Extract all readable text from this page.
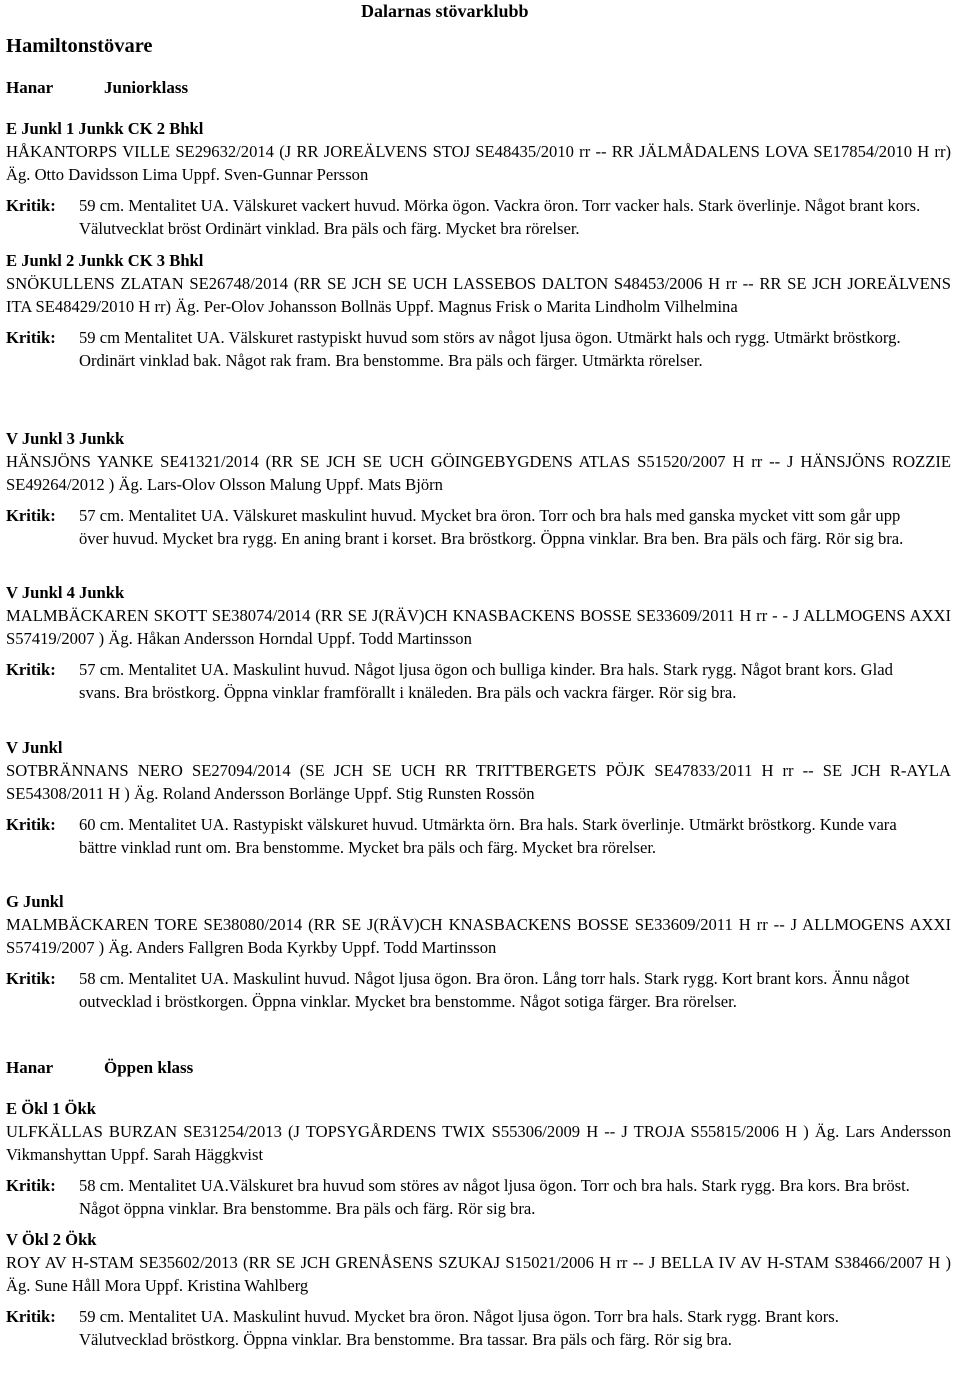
Dalarnas stövarklubb
Hamiltonstövare
Hanar	Juniorklass
E Junkl 1 Junkk CK 2 Bhkl
HÅKANTORPS VILLE SE29632/2014 (J RR JOREÄLVENS STOJ SE48435/2010 rr -- RR JÄLMÅDALENS LOVA SE17854/2010 H rr) Äg. Otto Davidsson Lima Uppf. Sven-Gunnar Persson
Kritik:	59 cm. Mentalitet UA. Välskuret vackert huvud. Mörka ögon. Vackra öron. Torr vacker hals. Stark överlinje. Något brant kors. Välutvecklat bröst Ordinärt vinklad. Bra päls och färg. Mycket bra rörelser.
E Junkl 2 Junkk CK 3 Bhkl
SNÖKULLENS ZLATAN SE26748/2014 (RR SE JCH SE UCH LASSEBOS DALTON S48453/2006 H rr -- RR SE JCH JOREÄLVENS ITA SE48429/2010 H rr) Äg. Per-Olov Johansson Bollnäs Uppf. Magnus Frisk o Marita Lindholm Vilhelmina
Kritik:	59 cm Mentalitet UA. Välskuret rastypiskt huvud som störs av något ljusa ögon. Utmärkt hals och rygg. Utmärkt bröstkorg. Ordinärt vinklad bak. Något rak fram. Bra benstomme. Bra päls och färger. Utmärkta rörelser.
V Junkl 3 Junkk
HÄNSJÖNS YANKE SE41321/2014 (RR SE JCH SE UCH GÖINGEBYGDENS ATLAS S51520/2007 H rr -- J HÄNSJÖNS ROZZIE SE49264/2012 ) Äg. Lars-Olov Olsson Malung Uppf. Mats Björn
Kritik:	57 cm. Mentalitet UA. Välskuret maskulint huvud. Mycket bra öron. Torr och bra hals med ganska mycket vitt som går upp över huvud. Mycket bra rygg. En aning brant i korset. Bra bröstkorg. Öppna vinklar. Bra ben. Bra päls och färg. Rör sig bra.
V Junkl 4 Junkk
MALMBÄCKAREN SKOTT SE38074/2014 (RR SE J(RÄV)CH KNASBACKENS BOSSE SE33609/2011 H rr - - J ALLMOGENS AXXI S57419/2007 ) Äg. Håkan Andersson Horndal Uppf. Todd Martinsson
Kritik:	57 cm. Mentalitet UA. Maskulint huvud. Något ljusa ögon och bulliga kinder. Bra hals. Stark rygg. Något brant kors. Glad svans. Bra bröstkorg. Öppna vinklar framförallt i knäleden. Bra päls och vackra färger. Rör sig bra.
V Junkl
SOTBRÄNNANS NERO SE27094/2014 (SE JCH SE UCH RR TRITTBERGETS PÖJK SE47833/2011 H rr -- SE JCH R-AYLA SE54308/2011 H ) Äg. Roland Andersson Borlänge Uppf. Stig Runsten Rossön
Kritik:	60 cm. Mentalitet UA. Rastypiskt välskuret huvud. Utmärkta örn. Bra hals. Stark överlinje. Utmärkt bröstkorg. Kunde vara bättre vinklad runt om. Bra benstomme. Mycket bra päls och färg. Mycket bra rörelser.
G Junkl
MALMBÄCKAREN TORE SE38080/2014 (RR SE J(RÄV)CH KNASBACKENS BOSSE SE33609/2011 H rr -- J ALLMOGENS AXXI S57419/2007 ) Äg. Anders Fallgren Boda Kyrkby Uppf. Todd Martinsson
Kritik:	58 cm. Mentalitet UA. Maskulint huvud. Något ljusa ögon. Bra öron. Lång torr hals. Stark rygg. Kort brant kors. Ännu något outvecklad i bröstkorgen. Öppna vinklar. Mycket bra benstomme. Något sotiga färger. Bra rörelser.
Hanar	Öppen klass
E Ökl 1 Ökk
ULFKÄLLAS BURZAN SE31254/2013 (J TOPSYGÅRDENS TWIX S55306/2009 H -- J TROJA S55815/2006 H ) Äg. Lars Andersson Vikmanshyttan Uppf. Sarah Häggkvist
Kritik:	58 cm. Mentalitet UA.Välskuret bra huvud som störes av något ljusa ögon. Torr och bra hals. Stark rygg. Bra kors. Bra bröst. Något öppna vinklar. Bra benstomme. Bra päls och färg. Rör sig bra.
V Ökl 2 Ökk
ROY AV H-STAM SE35602/2013 (RR SE JCH GRENÅSENS SZUKAJ S15021/2006 H rr -- J BELLA IV AV H-STAM S38466/2007 H ) Äg. Sune Håll Mora Uppf. Kristina Wahlberg
Kritik:	59 cm. Mentalitet UA. Maskulint huvud. Mycket bra öron. Något ljusa ögon. Torr bra hals. Stark rygg. Brant kors. Välutvecklad bröstkorg. Öppna vinklar. Bra benstomme. Bra tassar. Bra päls och färg. Rör sig bra.
